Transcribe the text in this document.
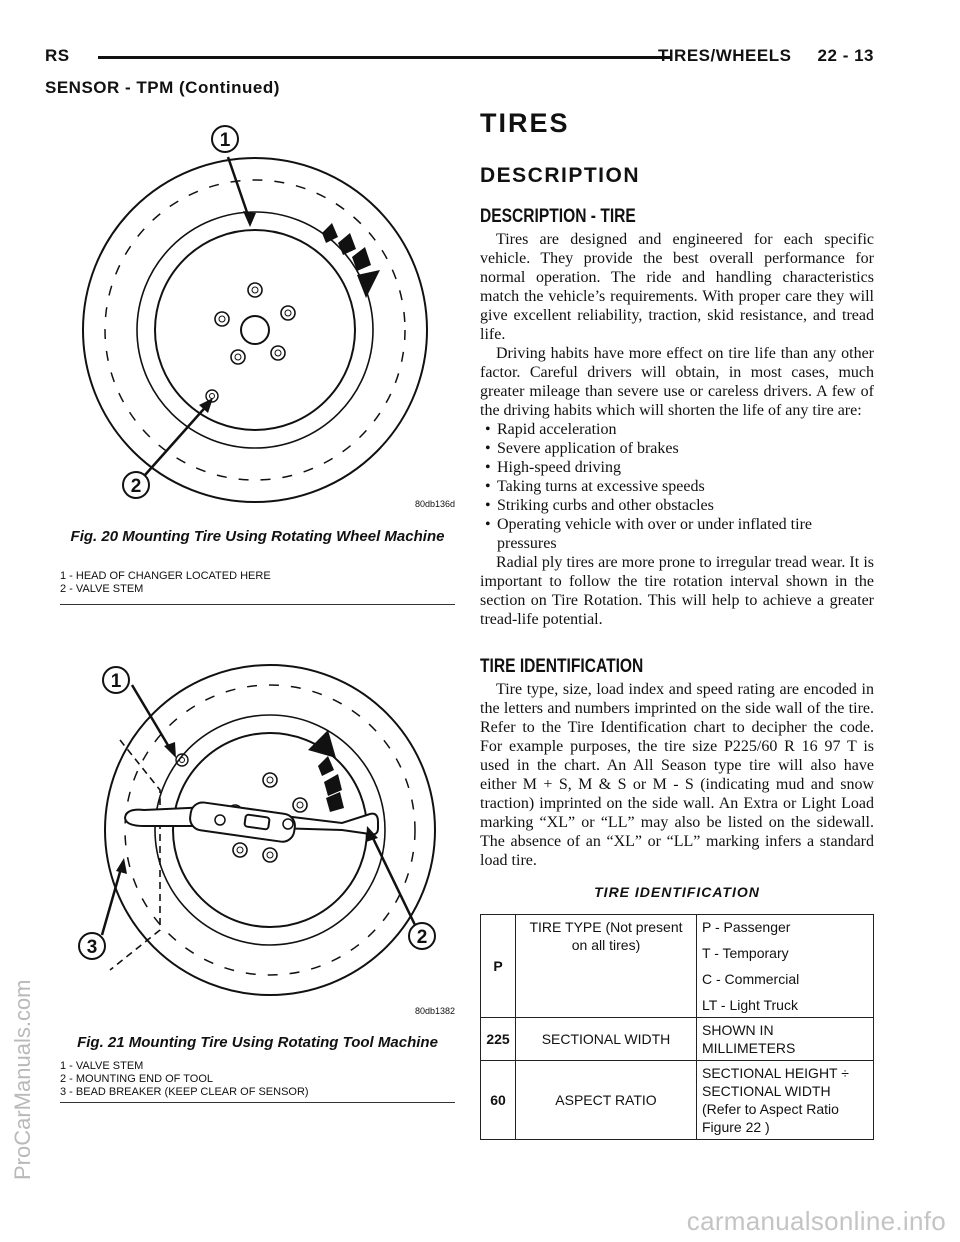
RS	TIRES/WHEELS     22 - 13
SENSOR - TPM (Continued)
1
2
80db136d
Fig. 20 Mounting Tire Using Rotating Wheel Machine
1 - HEAD OF CHANGER LOCATED HERE
2 - VALVE STEM
1
2
3
80db1382
Fig. 21 Mounting Tire Using Rotating Tool Machine
1 - VALVE STEM
2 - MOUNTING END OF TOOL
3 - BEAD BREAKER (KEEP CLEAR OF SENSOR)
TIRES
DESCRIPTION
DESCRIPTION - TIRE

Tires are designed and engineered for each specific vehicle. They provide the best overall performance for normal operation. The ride and handling characteristics match the vehicle’s requirements. With proper care they will give excellent reliability, traction, skid resistance, and tread life.

Driving habits have more effect on tire life than any other factor. Careful drivers will obtain, in most cases, much greater mileage than severe use or careless drivers. A few of the driving habits which will shorten the life of any tire are:

• Rapid acceleration
• Severe application of brakes
• High-speed driving
• Taking turns at excessive speeds
• Striking curbs and other obstacles
• Operating vehicle with over or under inflated tire pressures

Radial ply tires are more prone to irregular tread wear. It is important to follow the tire rotation interval shown in the section on Tire Rotation. This will help to achieve a greater tread-life potential.

TIRE IDENTIFICATION

Tire type, size, load index and speed rating are encoded in the letters and numbers imprinted on the side wall of the tire. Refer to the Tire Identification chart to decipher the code. For example purposes, the tire size P225/60 R 16 97 T is used in the chart. An All Season type tire will also have either M + S, M & S or M - S (indicating mud and snow traction) imprinted on the side wall. An Extra or Light Load marking “XL” or “LL” may also be listed on the sidewall. The absence of an “XL” or “LL” marking infers a standard load tire.

TIRE IDENTIFICATION
P	TIRE TYPE (Not present on all tires)	P - Passenger
T - Temporary
C - Commercial
LT - Light Truck

225	SECTIONAL WIDTH	SHOWN IN MILLIMETERS
60	ASPECT RATIO	SECTIONAL HEIGHT ÷ SECTIONAL WIDTH (Refer to Aspect Ratio Figure 22 )
ProCarManuals.com
carmanualsonline.info
